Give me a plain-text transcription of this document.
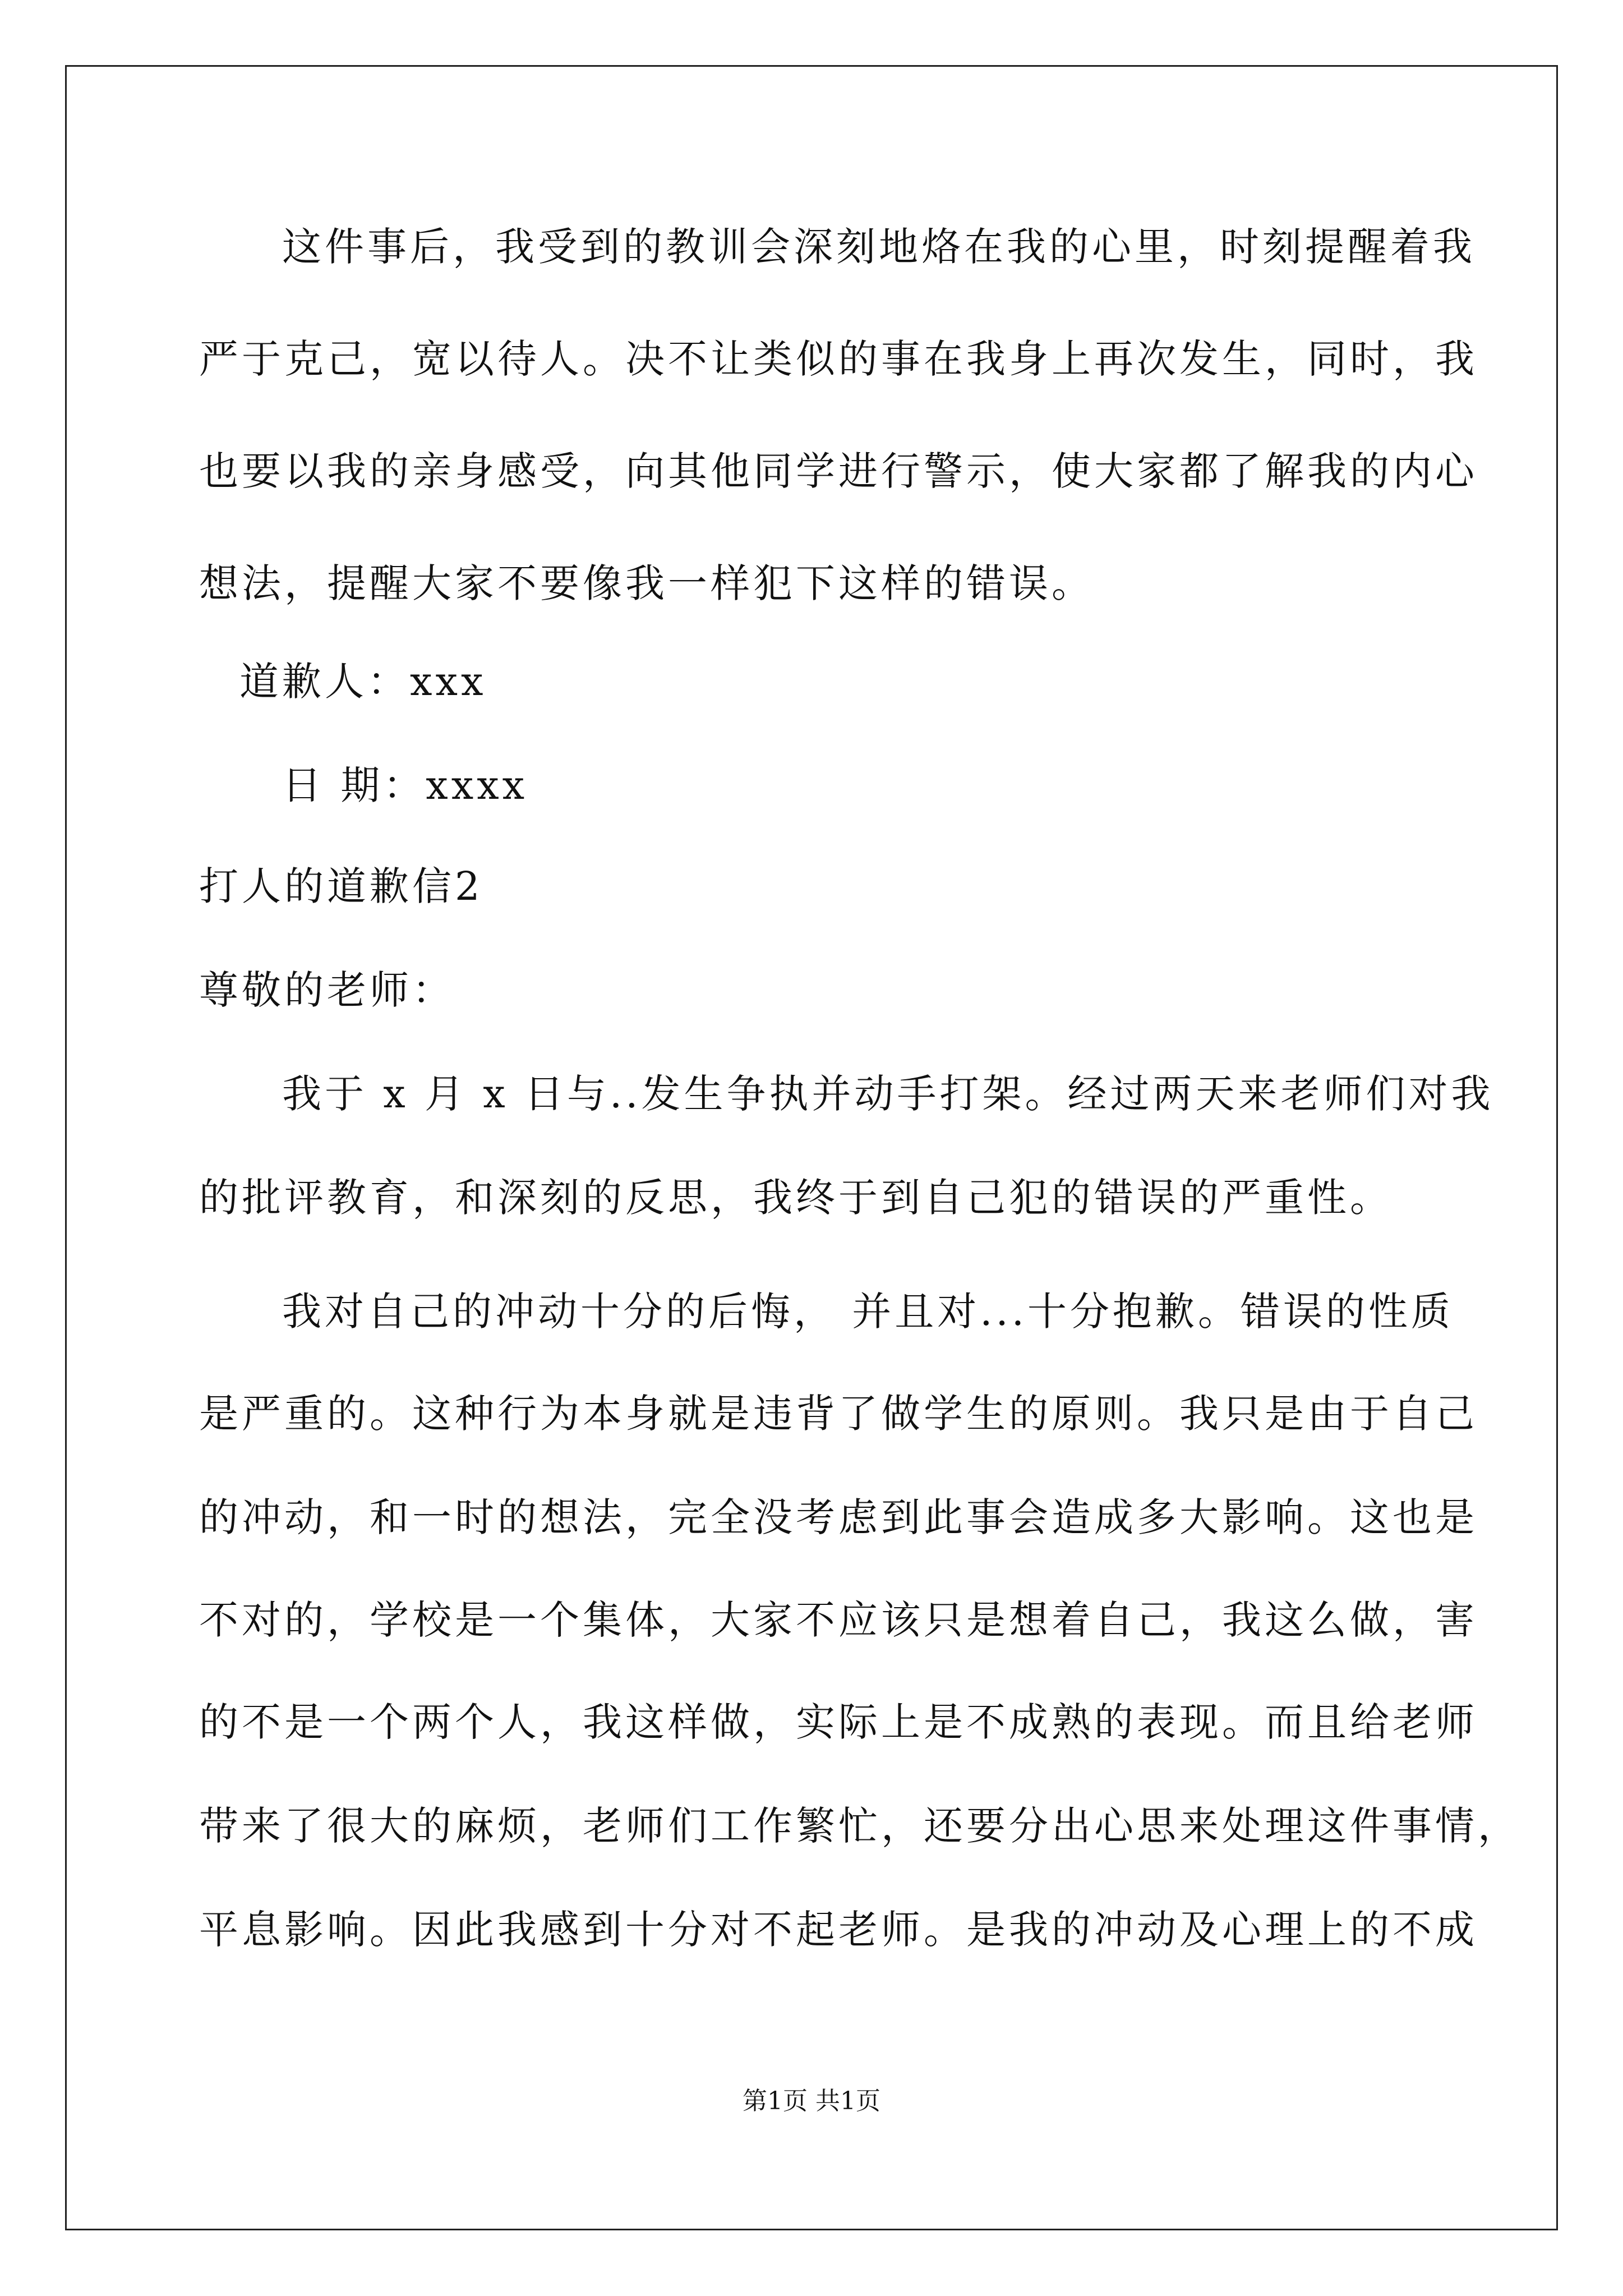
这件事后，我受到的教训会深刻地烙在我的心里，时刻提醒着我
严于克己，宽以待人。决不让类似的事在我身上再次发生，同时，我
也要以我的亲身感受，向其他同学进行警示，使大家都了解我的内心
想法，提醒大家不要像我一样犯下这样的错误。
道歉人：xxx
日 期：xxxx
打人的道歉信2
尊敬的老师：
我于 x 月 x 日与..发生争执并动手打架。经过两天来老师们对我
的批评教育，和深刻的反思，我终于到自己犯的错误的严重性。
我对自己的冲动十分的后悔， 并且对...十分抱歉。错误的性质
是严重的。这种行为本身就是违背了做学生的原则。我只是由于自己
的冲动，和一时的想法，完全没考虑到此事会造成多大影响。这也是
不对的，学校是一个集体，大家不应该只是想着自己，我这么做，害
的不是一个两个人，我这样做，实际上是不成熟的表现。而且给老师
带来了很大的麻烦，老师们工作繁忙，还要分出心思来处理这件事情，
平息影响。因此我感到十分对不起老师。是我的冲动及心理上的不成
第1页 共1页
